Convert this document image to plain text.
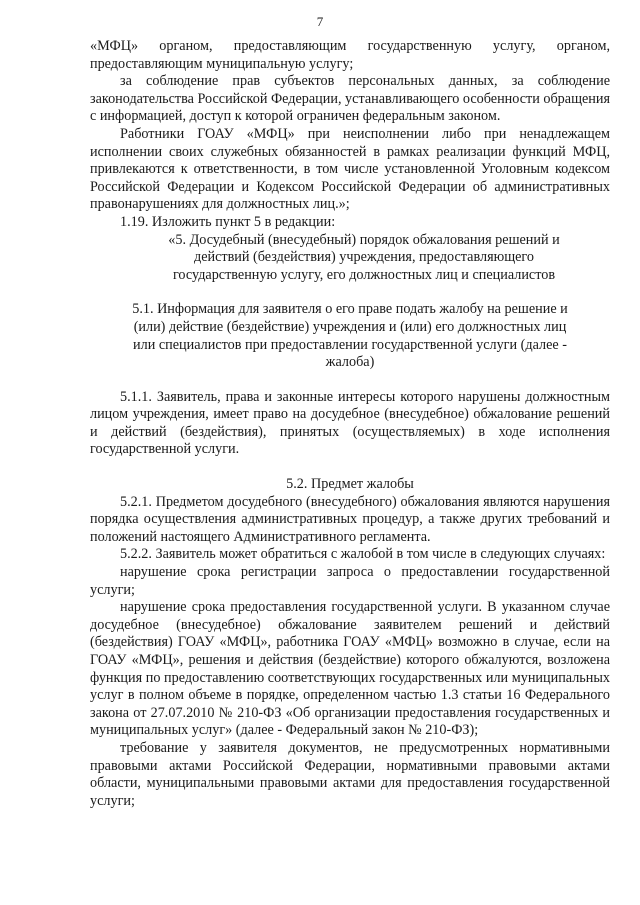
7

«МФЦ» органом, предоставляющим государственную услугу, органом, предоставляющим муниципальную услугу;

за соблюдение прав субъектов персональных данных, за соблюдение законодательства Российской Федерации, устанавливающего особенности обращения с информацией, доступ к которой ограничен федеральным законом.

Работники ГОАУ «МФЦ» при неисполнении либо при ненадлежащем исполнении своих служебных обязанностей в рамках реализации функций МФЦ, привлекаются к ответственности, в том числе установленной Уголовным кодексом Российской Федерации и Кодексом Российской Федерации об административных правонарушениях для должностных лиц.»;

1.19. Изложить пункт 5 в редакции:

«5. Досудебный (внесудебный) порядок обжалования решений и действий (бездействия) учреждения, предоставляющего государственную услугу, его должностных лиц и специалистов

5.1. Информация для заявителя о его праве подать жалобу на решение и (или) действие (бездействие) учреждения и (или) его должностных лиц или специалистов при предоставлении государственной услуги (далее - жалоба)

5.1.1. Заявитель, права и законные интересы которого нарушены должностным лицом учреждения, имеет право на досудебное (внесудебное) обжалование решений и действий (бездействия), принятых (осуществляемых) в ходе исполнения государственной услуги.

5.2. Предмет жалобы

5.2.1. Предметом досудебного (внесудебного) обжалования являются нарушения порядка осуществления административных процедур, а также других требований и положений настоящего Административного регламента.

5.2.2. Заявитель может обратиться с жалобой в том числе в следующих случаях:

нарушение срока регистрации запроса о предоставлении государственной услуги;

нарушение срока предоставления государственной услуги. В указанном случае досудебное (внесудебное) обжалование заявителем решений и действий (бездействия) ГОАУ «МФЦ», работника ГОАУ «МФЦ» возможно в случае, если на ГОАУ «МФЦ», решения и действия (бездействие) которого обжалуются, возложена функция по предоставлению соответствующих государственных или муниципальных услуг в полном объеме в порядке, определенном частью 1.3 статьи 16 Федерального закона от 27.07.2010 № 210-ФЗ «Об организации предоставления государственных и муниципальных услуг» (далее - Федеральный закон № 210-ФЗ);

требование у заявителя документов, не предусмотренных нормативными правовыми актами Российской Федерации, нормативными правовыми актами области, муниципальными правовыми актами для предоставления государственной услуги;
